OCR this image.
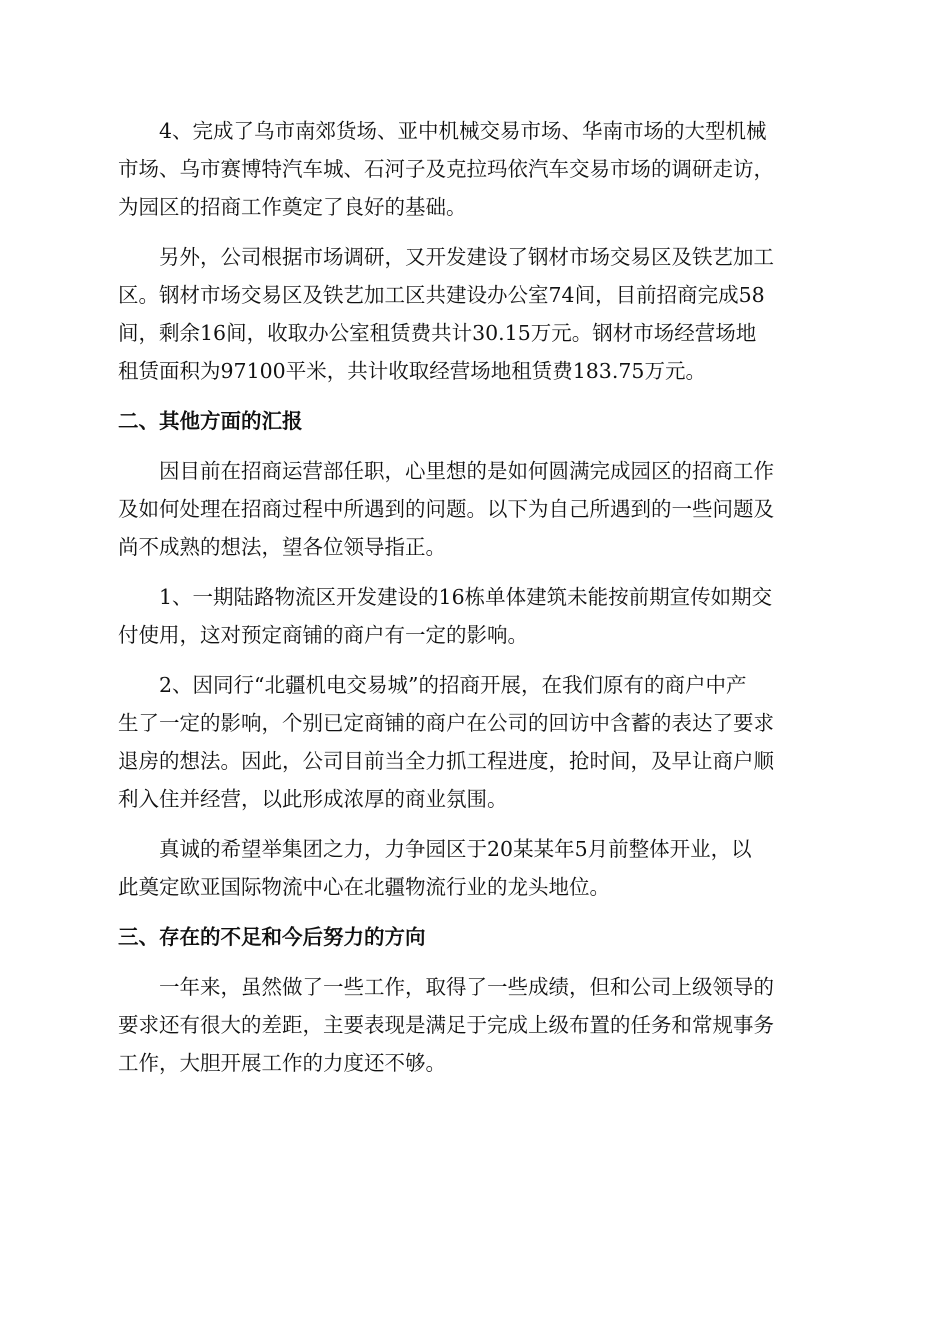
4、完成了乌市南郊货场、亚中机械交易市场、华南市场的大型机械
市场、乌市赛博特汽车城、石河子及克拉玛依汽车交易市场的调研走访，
为园区的招商工作奠定了良好的基础。

另外，公司根据市场调研，又开发建设了钢材市场交易区及铁艺加工
区。钢材市场交易区及铁艺加工区共建设办公室74间，目前招商完成58
间，剩余16间，收取办公室租赁费共计30.15万元。钢材市场经营场地
租赁面积为97100平米，共计收取经营场地租赁费183.75万元。

二、其他方面的汇报

因目前在招商运营部任职，心里想的是如何圆满完成园区的招商工作
及如何处理在招商过程中所遇到的问题。以下为自己所遇到的一些问题及
尚不成熟的想法，望各位领导指正。

1、一期陆路物流区开发建设的16栋单体建筑未能按前期宣传如期交
付使用，这对预定商铺的商户有一定的影响。

2、因同行“北疆机电交易城”的招商开展，在我们原有的商户中产
生了一定的影响，个别已定商铺的商户在公司的回访中含蓄的表达了要求
退房的想法。因此，公司目前当全力抓工程进度，抢时间，及早让商户顺
利入住并经营，以此形成浓厚的商业氛围。

真诚的希望举集团之力，力争园区于20某某年5月前整体开业，以
此奠定欧亚国际物流中心在北疆物流行业的龙头地位。

三、存在的不足和今后努力的方向

一年来，虽然做了一些工作，取得了一些成绩，但和公司上级领导的
要求还有很大的差距，主要表现是满足于完成上级布置的任务和常规事务
工作，大胆开展工作的力度还不够。
